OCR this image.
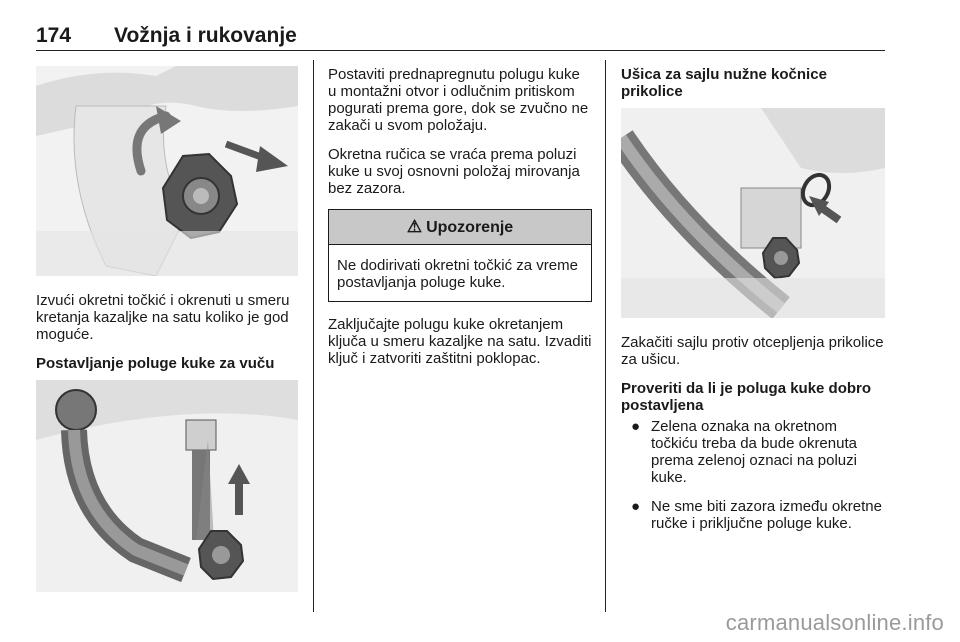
174 Vožnja i rukovanje

Izvući okretni točkić i okrenuti u smeru kretanja kazaljke na satu koliko je god moguće.

Postavljanje poluge kuke za vuču

Postaviti prednapregnutu polugu kuke u montažni otvor i odlučnim pritiskom pogurati prema gore, dok se zvučno ne zakači u svom položaju.

Okretna ručica se vraća prema poluzi kuke u svoj osnovni položaj mirovanja bez zazora.

⚠ Upozorenje
Ne dodirivati okretni točkić za vreme postavljanja poluge kuke.

Zaključajte polugu kuke okretanjem ključa u smeru kazaljke na satu. Izvaditi ključ i zatvoriti zaštitni poklopac.

Ušica za sajlu nužne kočnice prikolice

Zakačiti sajlu protiv otcepljenja prikolice za ušicu.

Proveriti da li je poluga kuke dobro postavljena

● Zelena oznaka na okretnom točkiću treba da bude okrenuta prema zelenoj oznaci na poluzi kuke.
● Ne sme biti zazora između okretne ručke i priključne poluge kuke.
carmanualsonline.info
